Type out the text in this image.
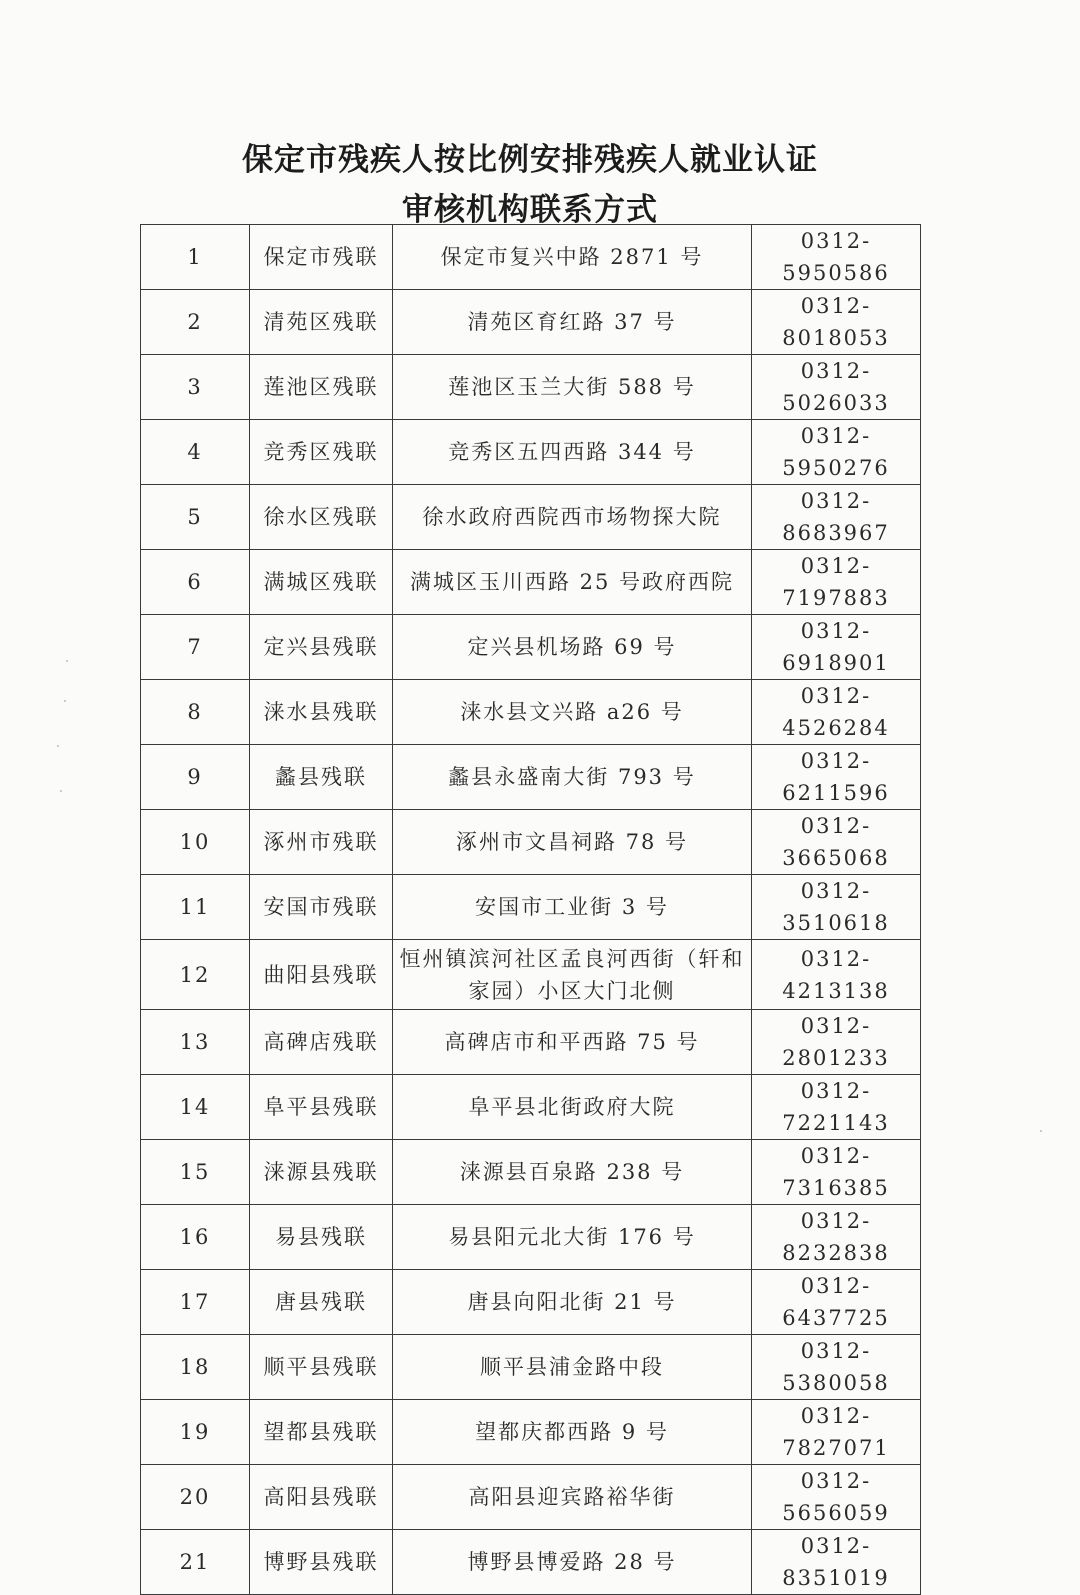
保定市残疾人按比例安排残疾人就业认证
审核机构联系方式
1	保定市残联	保定市复兴中路 2871 号	0312-5950586
2	清苑区残联	清苑区育红路 37 号	0312-8018053
3	莲池区残联	莲池区玉兰大街 588 号	0312-5026033
4	竞秀区残联	竞秀区五四西路 344 号	0312-5950276
5	徐水区残联	徐水政府西院西市场物探大院	0312-8683967
6	满城区残联	满城区玉川西路 25 号政府西院	0312-7197883
7	定兴县残联	定兴县机场路 69 号	0312-6918901
8	涞水县残联	涞水县文兴路 a26 号	0312-4526284
9	蠡县残联	蠡县永盛南大街 793 号	0312-6211596
10	涿州市残联	涿州市文昌祠路 78 号	0312-3665068
11	安国市残联	安国市工业街 3 号	0312-3510618
12	曲阳县残联	恒州镇滨河社区孟良河西街（轩和家园）小区大门北侧	0312-4213138
13	高碑店残联	高碑店市和平西路 75 号	0312-2801233
14	阜平县残联	阜平县北街政府大院	0312-7221143
15	涞源县残联	涞源县百泉路 238 号	0312-7316385
16	易县残联	易县阳元北大街 176 号	0312-8232838
17	唐县残联	唐县向阳北街 21 号	0312-6437725
18	顺平县残联	顺平县浦金路中段	0312-5380058
19	望都县残联	望都庆都西路 9 号	0312-7827071
20	高阳县残联	高阳县迎宾路裕华街	0312-5656059
21	博野县残联	博野县博爱路 28 号	0312-8351019
